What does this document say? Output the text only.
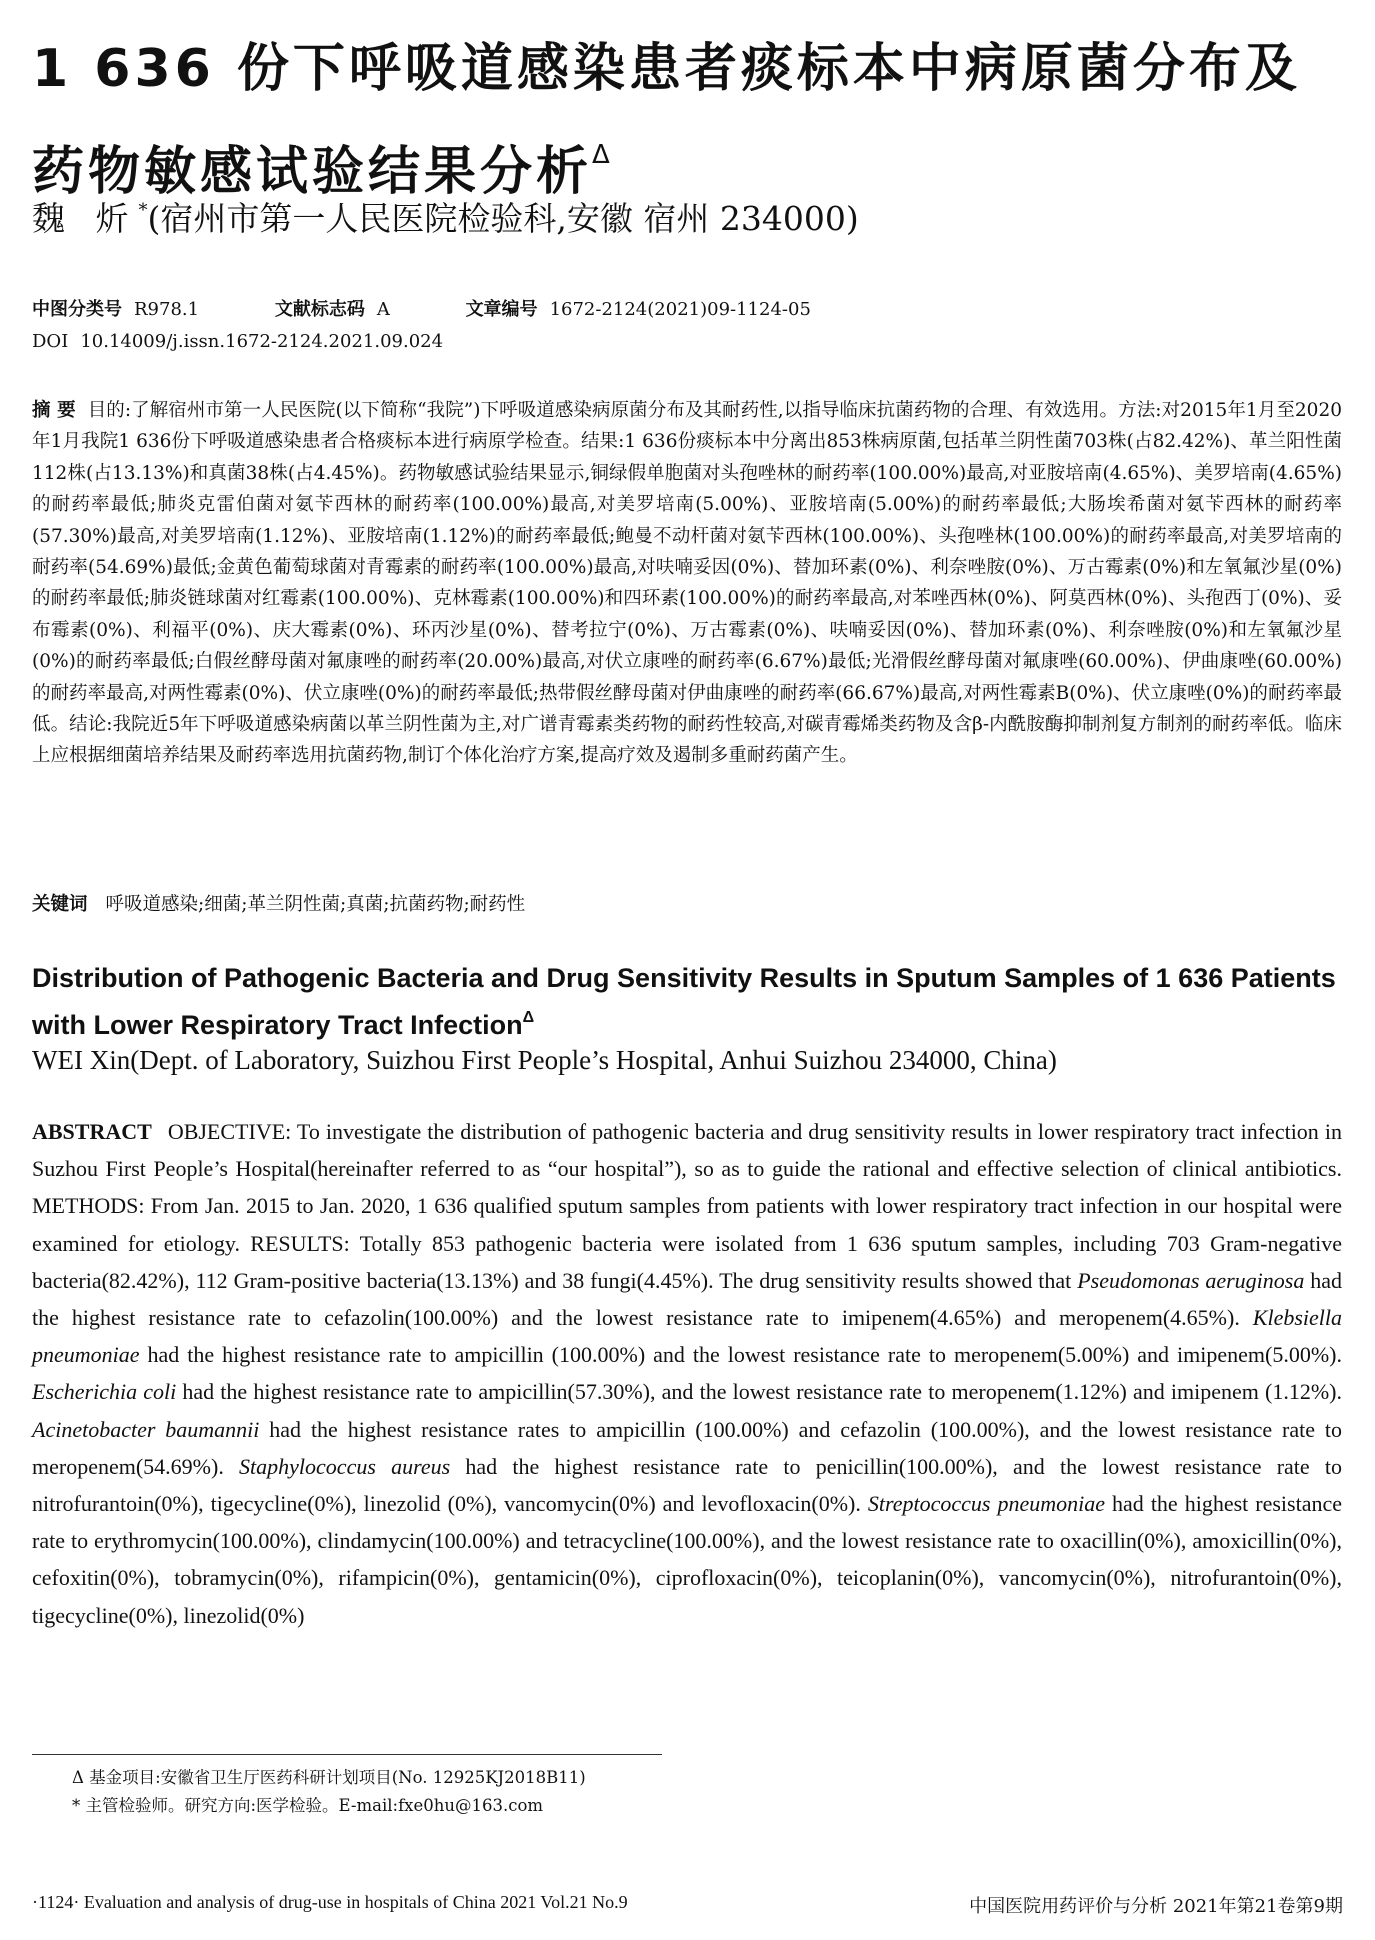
1 636 份下呼吸道感染患者痰标本中病原菌分布及药物敏感试验结果分析$^\Delta$
魏 炘*(宿州市第一人民医院检验科,安徽 宿州 234000)
中图分类号 R978.1	文献标志码 A	文章编号 1672-2124(2021)09-1124-05
DOI 10.14009/j.issn.1672-2124.2021.09.024
摘 要 目的:了解宿州市第一人民医院(以下简称“我院”)下呼吸道感染病原菌分布及其耐药性,以指导临床抗菌药物的合理、有效选用。方法:对2015年1月至2020年1月我院1 636份下呼吸道感染患者合格痰标本进行病原学检查。结果:1 636份痰标本中分离出853株病原菌,包括革兰阴性菌703株(占82.42%)、革兰阳性菌112株(占13.13%)和真菌38株(占4.45%)。药物敏感试验结果显示,铜绿假单胞菌对头孢唑林的耐药率(100.00%)最高,对亚胺培南(4.65%)、美罗培南(4.65%)的耐药率最低;肺炎克雷伯菌对氨苄西林的耐药率(100.00%)最高,对美罗培南(5.00%)、亚胺培南(5.00%)的耐药率最低;大肠埃希菌对氨苄西林的耐药率(57.30%)最高,对美罗培南(1.12%)、亚胺培南(1.12%)的耐药率最低;鲍曼不动杆菌对氨苄西林(100.00%)、头孢唑林(100.00%)的耐药率最高,对美罗培南的耐药率(54.69%)最低;金黄色葡萄球菌对青霉素的耐药率(100.00%)最高,对呋喃妥因(0%)、替加环素(0%)、利奈唑胺(0%)、万古霉素(0%)和左氧氟沙星(0%)的耐药率最低;肺炎链球菌对红霉素(100.00%)、克林霉素(100.00%)和四环素(100.00%)的耐药率最高,对苯唑西林(0%)、阿莫西林(0%)、头孢西丁(0%)、妥布霉素(0%)、利福平(0%)、庆大霉素(0%)、环丙沙星(0%)、替考拉宁(0%)、万古霉素(0%)、呋喃妥因(0%)、替加环素(0%)、利奈唑胺(0%)和左氧氟沙星(0%)的耐药率最低;白假丝酵母菌对氟康唑的耐药率(20.00%)最高,对伏立康唑的耐药率(6.67%)最低;光滑假丝酵母菌对氟康唑(60.00%)、伊曲康唑(60.00%)的耐药率最高,对两性霉素(0%)、伏立康唑(0%)的耐药率最低;热带假丝酵母菌对伊曲康唑的耐药率(66.67%)最高,对两性霉素B(0%)、伏立康唑(0%)的耐药率最低。结论:我院近5年下呼吸道感染病菌以革兰阴性菌为主,对广谱青霉素类药物的耐药性较高,对碳青霉烯类药物及含β-内酰胺酶抑制剂复方制剂的耐药率低。临床上应根据细菌培养结果及耐药率选用抗菌药物,制订个体化治疗方案,提高疗效及遏制多重耐药菌产生。
关键词 呼吸道感染;细菌;革兰阴性菌;真菌;抗菌药物;耐药性
Distribution of Pathogenic Bacteria and Drug Sensitivity Results in Sputum Samples of 1 636 Patients with Lower Respiratory Tract Infection$^\Delta$
WEI Xin(Dept. of Laboratory, Suizhou First People’s Hospital, Anhui Suizhou 234000, China)
ABSTRACT OBJECTIVE: To investigate the distribution of pathogenic bacteria and drug sensitivity results in lower respiratory tract infection in Suzhou First People’s Hospital(hereinafter referred to as “our hospital”), so as to guide the rational and effective selection of clinical antibiotics. METHODS: From Jan. 2015 to Jan. 2020, 1 636 qualified sputum samples from patients with lower respiratory tract infection in our hospital were examined for etiology. RESULTS: Totally 853 pathogenic bacteria were isolated from 1 636 sputum samples, including 703 Gram-negative bacteria(82.42%), 112 Gram-positive bacteria(13.13%) and 38 fungi(4.45%). The drug sensitivity results showed that Pseudomonas aeruginosa had the highest resistance rate to cefazolin(100.00%) and the lowest resistance rate to imipenem(4.65%) and meropenem(4.65%). Klebsiella pneumoniae had the highest resistance rate to ampicillin (100.00%) and the lowest resistance rate to meropenem(5.00%) and imipenem(5.00%). Escherichia coli had the highest resistance rate to ampicillin(57.30%), and the lowest resistance rate to meropenem(1.12%) and imipenem (1.12%). Acinetobacter baumannii had the highest resistance rates to ampicillin (100.00%) and cefazolin (100.00%), and the lowest resistance rate to meropenem(54.69%). Staphylococcus aureus had the highest resistance rate to penicillin(100.00%), and the lowest resistance rate to nitrofurantoin(0%), tigecycline(0%), linezolid (0%), vancomycin(0%) and levofloxacin(0%). Streptococcus pneumoniae had the highest resistance rate to erythromycin(100.00%), clindamycin(100.00%) and tetracycline(100.00%), and the lowest resistance rate to oxacillin(0%), amoxicillin(0%), cefoxitin(0%), tobramycin(0%), rifampicin(0%), gentamicin(0%), ciprofloxacin(0%), teicoplanin(0%), vancomycin(0%), nitrofurantoin(0%), tigecycline(0%), linezolid(0%)
Δ 基金项目:安徽省卫生厅医药科研计划项目(No. 12925KJ2018B11)
* 主管检验师。研究方向:医学检验。E-mail:fxe0hu@163.com
·1124· Evaluation and analysis of drug-use in hospitals of China 2021 Vol.21 No.9	中国医院用药评价与分析 2021年第21卷第9期
